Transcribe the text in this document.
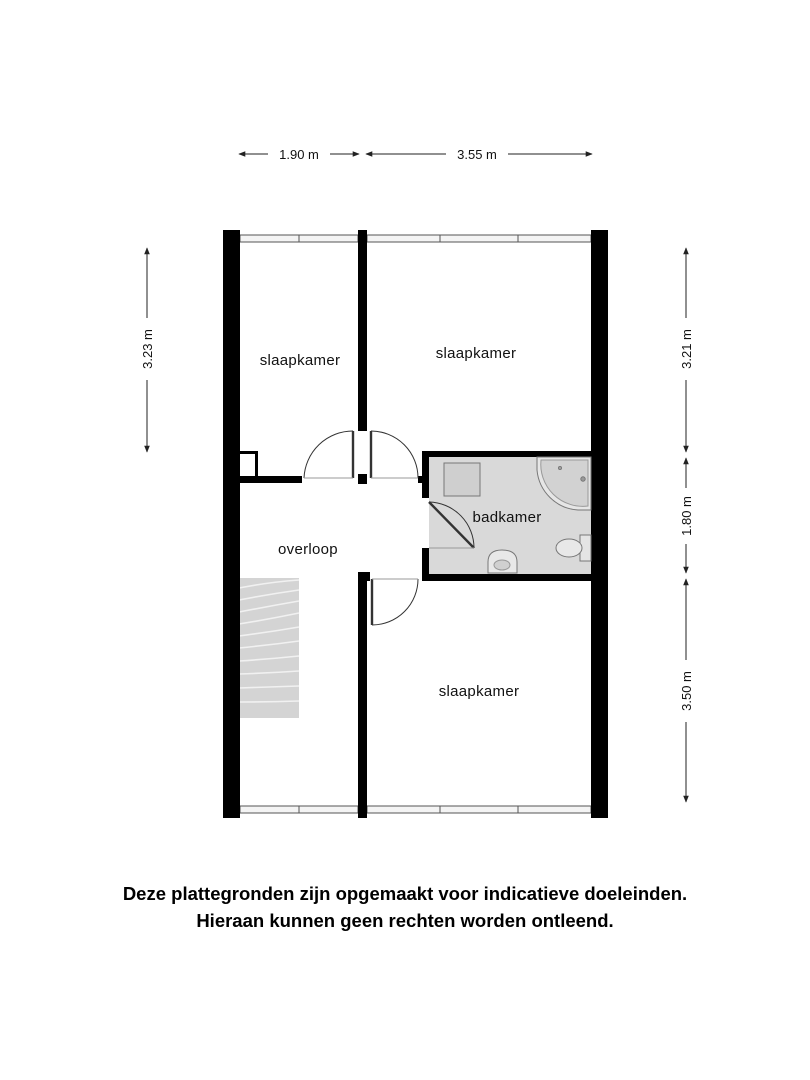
1.90 m	3.55 m
3.23 m	3.21 m
1.80 m
3.50 m
slaapkamer	slaapkamer
badkamer
overloop
slaapkamer
Deze plattegronden zijn opgemaakt voor indicatieve doeleinden.
Hieraan kunnen geen rechten worden ontleend.
